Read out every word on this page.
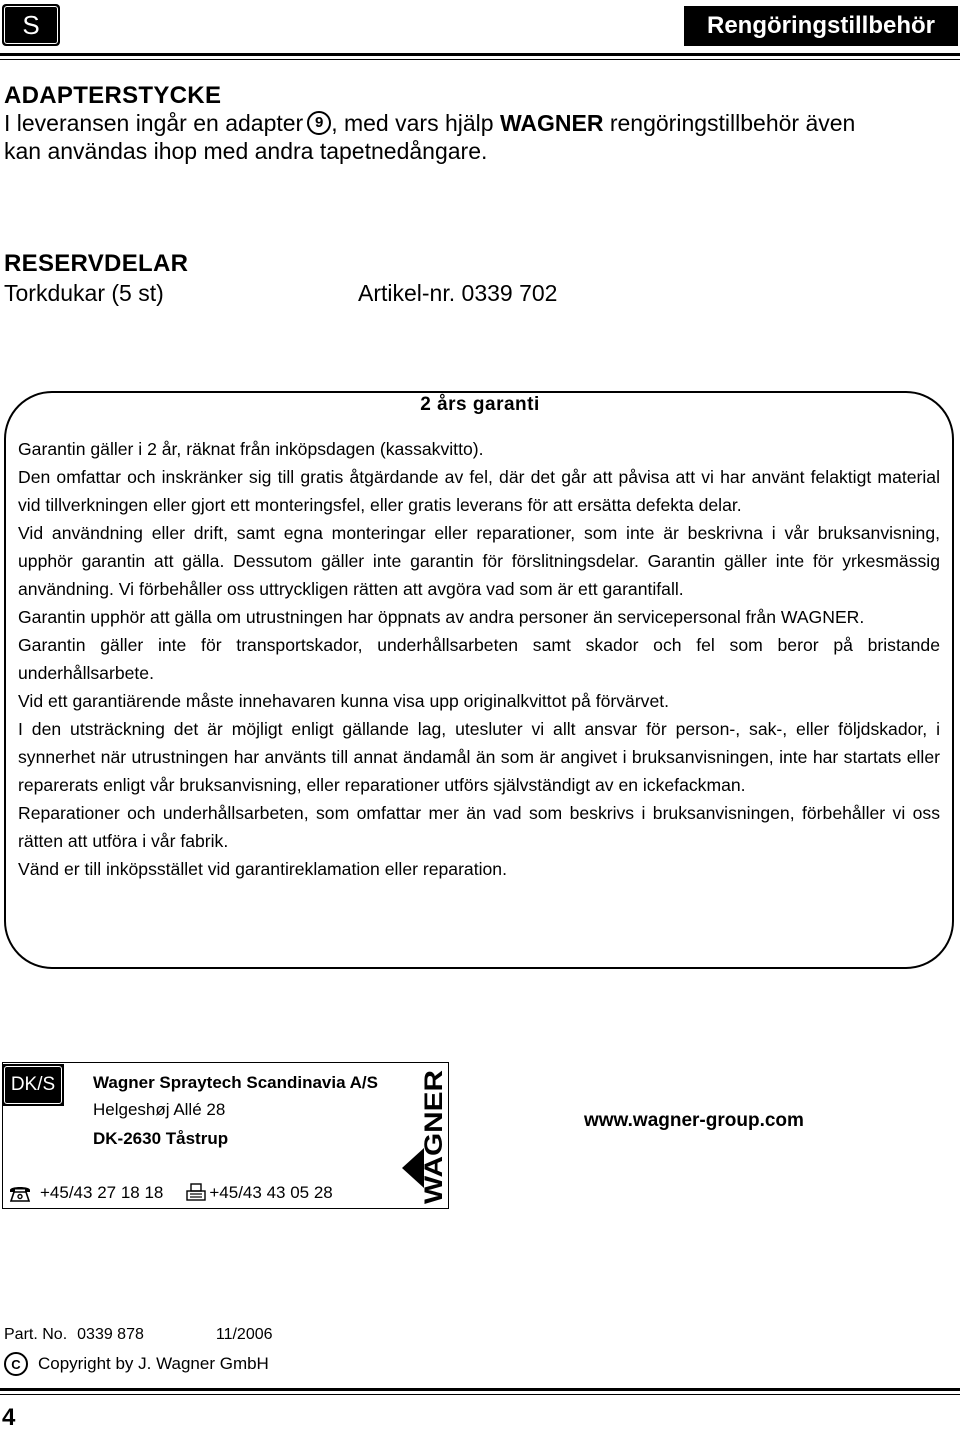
S	Rengöringstillbehör
ADAPTERSTYCKE
I leveransen ingår en adapter 9 , med vars hjälp WAGNER rengöringstillbehör även
kan användas ihop med andra tapetnedångare.
RESERVDELAR
Torkdukar (5 st)	Artikel-nr. 0339 702
2 års garanti

Garantin gäller i 2 år, räknat från inköpsdagen (kassakvitto).

Den omfattar och inskränker sig till gratis åtgärdande av fel, där det går att påvisa att vi har använt felaktigt material vid tillverkningen eller gjort ett monteringsfel, eller gratis leverans för att ersätta defekta delar.

Vid användning eller drift, samt egna monteringar eller reparationer, som inte är beskrivna i vår bruksanvisning, upphör garantin att gälla. Dessutom gäller inte garantin för förslitningsdelar. Garantin gäller inte för yrkesmässig användning. Vi förbehåller oss uttryckligen rätten att avgöra vad som är ett garantifall.

Garantin upphör att gälla om utrustningen har öppnats av andra personer än servicepersonal från WAGNER.

Garantin gäller inte för transportskador, underhållsarbeten samt skador och fel som beror på bristande underhållsarbete.

Vid ett garantiärende måste innehavaren kunna visa upp originalkvittot på förvärvet.

I den utsträckning det är möjligt enligt gällande lag, utesluter vi allt ansvar för person-, sak-, eller följdskador, i synnerhet när utrustningen har använts till annat ändamål än som är angivet i bruksanvisningen, inte har startats eller reparerats enligt vår bruksanvisning, eller reparationer utförs självständigt av en ickefackman.

Reparationer och underhållsarbeten, som omfattar mer än vad som beskrivs i bruksanvisningen, förbehåller vi oss rätten att utföra i vår fabrik.

Vänd er till inköpsstället vid garantireklamation eller reparation.

DK/S	Wagner Spraytech Scandinavia A/S
Helgeshøj Allé 28
DK-2630 Tåstrup
+45/43 27 18 18	+45/43 43 05 28	WAGNER	www.wagner-group.com
Part. No. 0339 878	11/2006
C	Copyright by J. Wagner GmbH
4
